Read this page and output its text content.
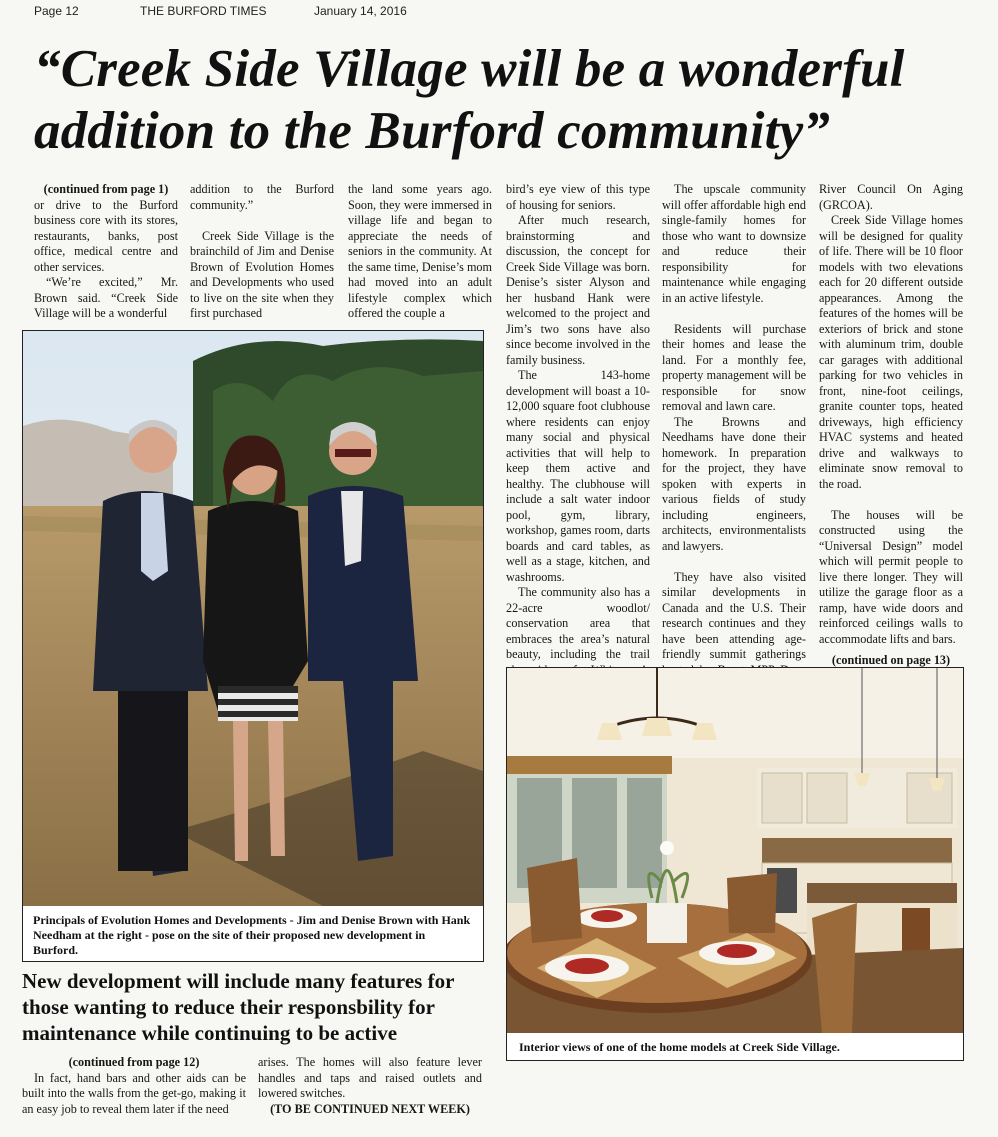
Page 12	THE BURFORD TIMES	January 14, 2016
“Creek Side Village will be a wonderful addition to the Burford community”

(continued from page 1)

or drive to the Burford business core with its stores, restaurants, banks, post office, medical centre and other services.

“We’re excited,” Mr. Brown said. “Creek Side Village will be a wonderful

addition to the Burford community.”

Creek Side Village is the brainchild of Jim and Denise Brown of Evolution Homes and Developments who used to live on the site when they first purchased

the land some years ago. Soon, they were immersed in village life and began to appreciate the needs of seniors in the community. At the same time, Denise’s mom had moved into an adult lifestyle complex which offered the couple a

bird’s eye view of this type of housing for seniors.

After much research, brainstorming and discussion, the concept for Creek Side Village was born. Denise’s sister Alyson and her husband Hank were welcomed to the project and Jim’s two sons have also since become involved in the family business.

The 143-home development will boast a 10-12,000 square foot clubhouse where residents can enjoy many social and physical activities that will help to keep them active and healthy. The clubhouse will include a salt water indoor pool, gym, library, workshop, games room, darts boards and card tables, as well as a stage, kitchen, and washrooms.

The community also has a 22-acre woodlot/ conservation area that embraces the area’s natural beauty, including the trail

The upscale community will offer affordable high end single-family homes for those who want to downsize and reduce their responsibility for maintenance while engaging in an active lifestyle.

Residents will purchase their homes and lease the land. For a monthly fee, property management will be responsible for snow removal and lawn care.

The Browns and Needhams have done their homework. In preparation for the project, they have spoken with experts in various fields of study including engineers, architects, environmentalists and lawyers.

They have also visited similar developments in Canada and the U.S. Their research continues and they have been attending age-friendly summit gatherings

River Council On Aging (GRCOA).

Creek Side Village homes will be designed for quality of life. There will be 10 floor models with two elevations each for 20 different outside appearances. Among the features of the homes will be exteriors of brick and stone with aluminum trim, double car garages with additional parking for two vehicles in front, nine-foot ceilings, granite counter tops, heated driveways, high efficiency HVAC systems and heated drive and walkways to eliminate snow removal to the road.

The houses will be constructed using the “Universal Design” model which will permit people to live there longer. They will utilize the garage floor as a ramp, have wide doors and reinforced ceilings walls to accommodate lifts and bars.

(continued on page 13)

Principals of Evolution Homes and Developments - Jim and Denise Brown with Hank Needham at the right - pose on the site of their proposed new development in Burford.
Interior views of one of the home models at Creek Side Village.
New development will include many features for those wanting to reduce their responsbility for maintenance while continuing to be active

(continued from page 12)

In fact, hand bars and other aids can be built into the walls from the get-go, making it an easy job to reveal them later if the need

arises. The homes will also feature lever handles and taps and raised outlets and lowered switches.

(TO BE CONTINUED NEXT WEEK)
